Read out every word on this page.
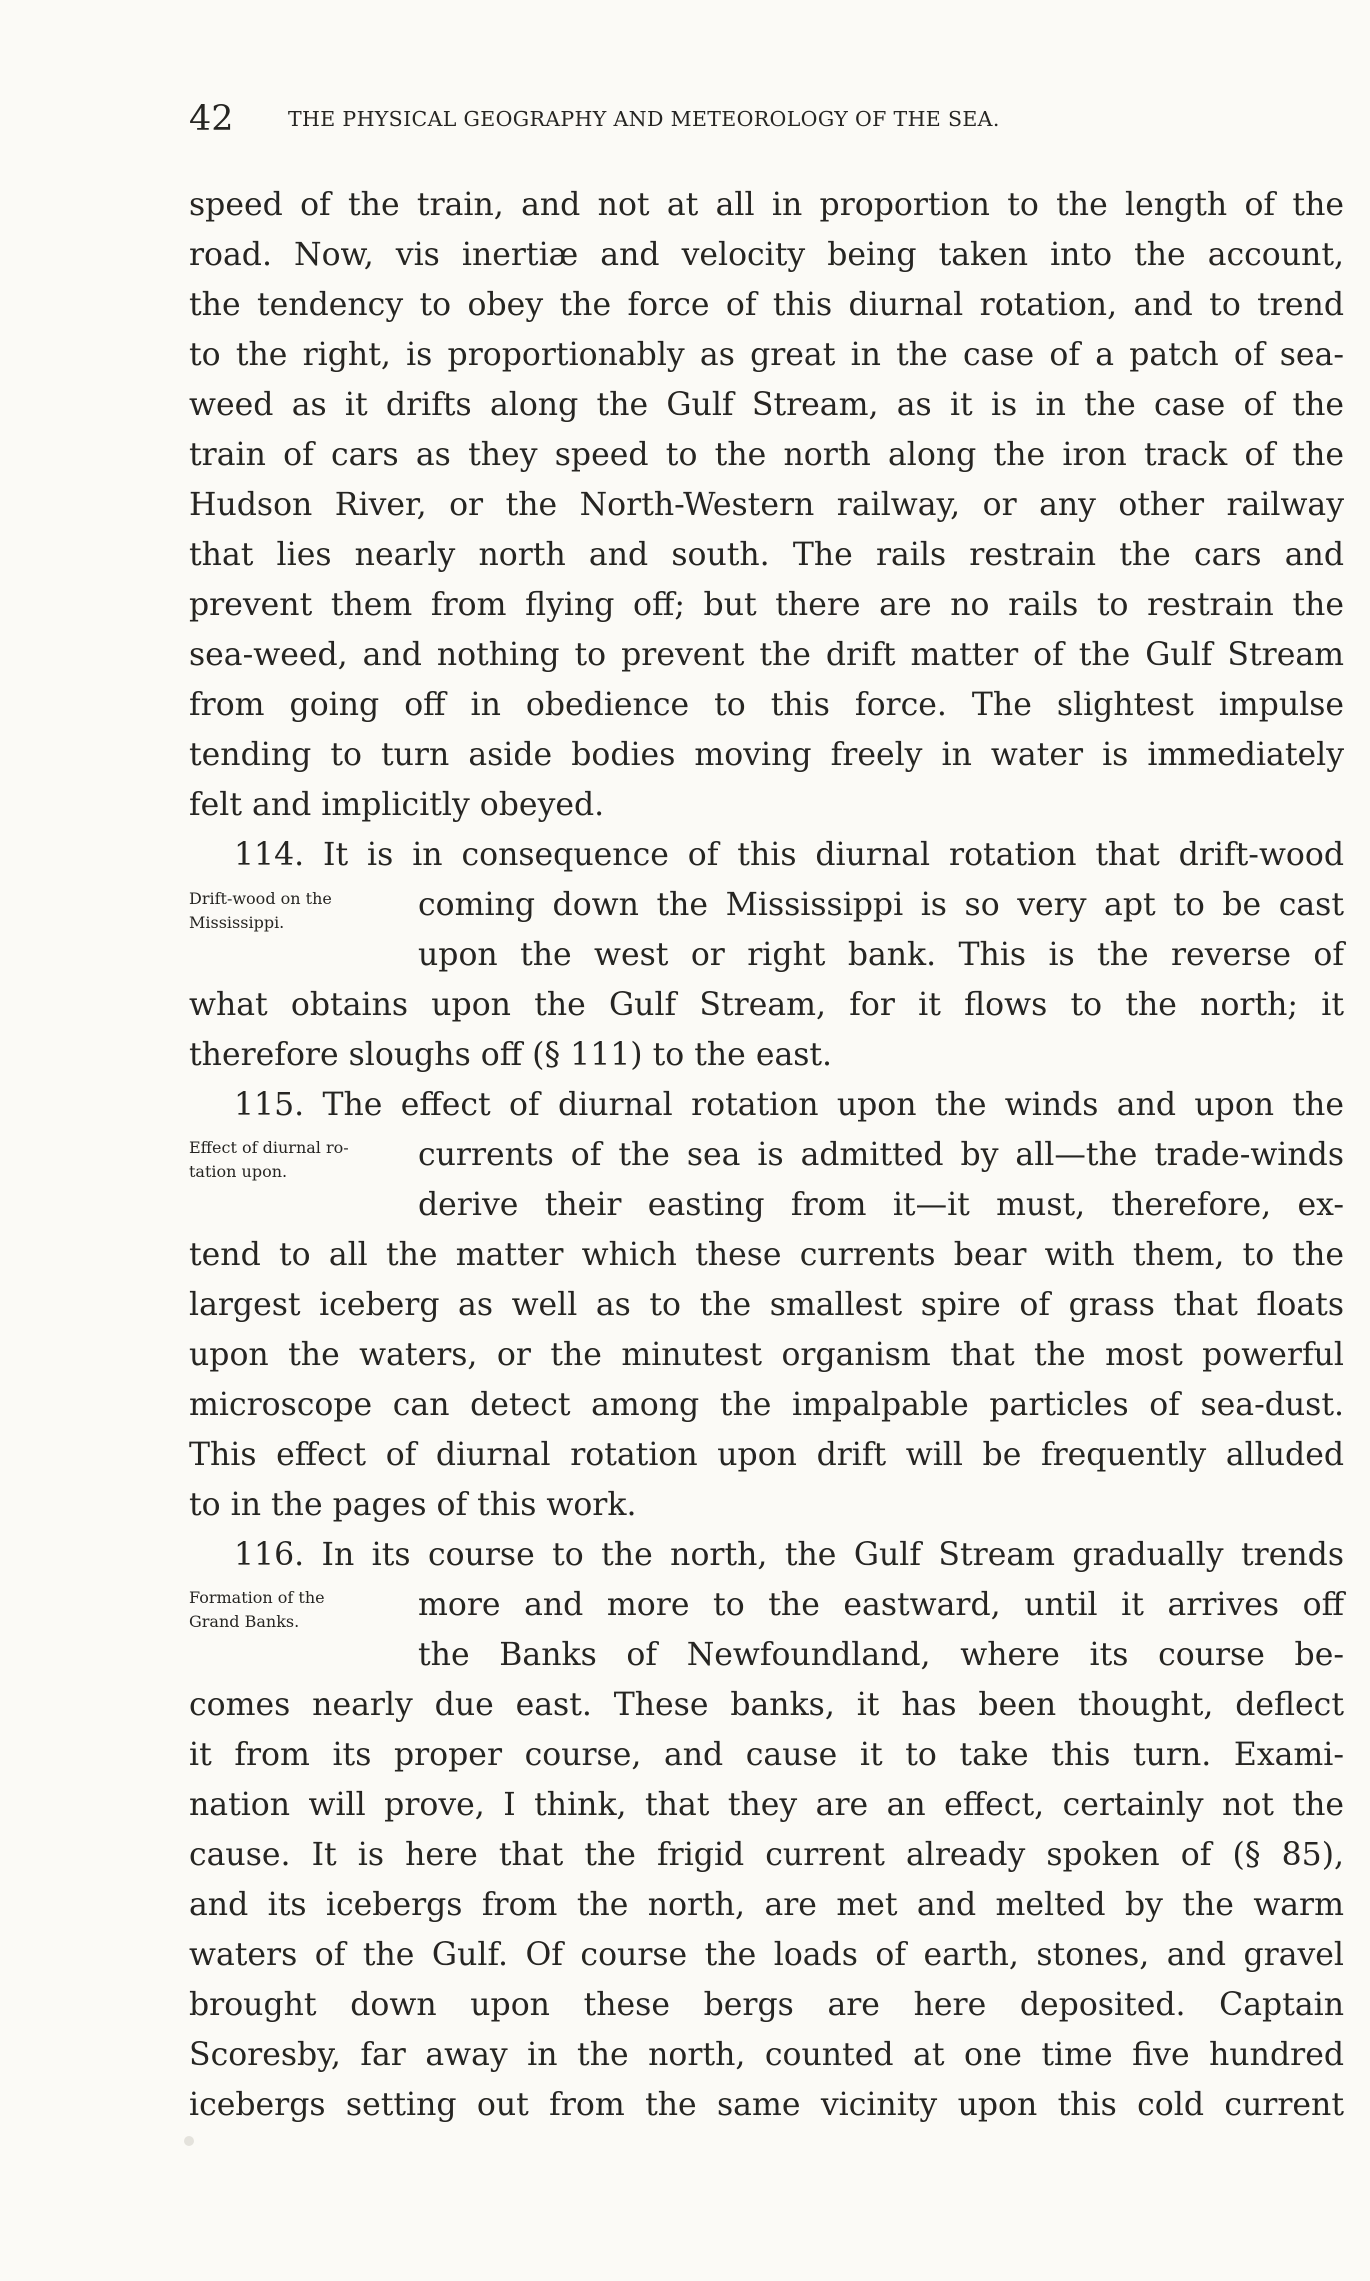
42	THE PHYSICAL GEOGRAPHY AND METEOROLOGY OF THE SEA.
speed of the train, and not at all in proportion to the length of the
road. Now, vis inertiæ and velocity being taken into the account,
the tendency to obey the force of this diurnal rotation, and to trend
to the right, is proportionably as great in the case of a patch of sea-
weed as it drifts along the Gulf Stream, as it is in the case of the
train of cars as they speed to the north along the iron track of the
Hudson River, or the North-Western railway, or any other railway
that lies nearly north and south. The rails restrain the cars and
prevent them from flying off; but there are no rails to restrain the
sea-weed, and nothing to prevent the drift matter of the Gulf Stream
from going off in obedience to this force. The slightest impulse
tending to turn aside bodies moving freely in water is immediately
felt and implicitly obeyed.
114. It is in consequence of this diurnal rotation that drift-wood
Drift-wood on the
Mississippi.	coming down the Mississippi is so very apt to be cast
upon the west or right bank. This is the reverse of
what obtains upon the Gulf Stream, for it flows to the north; it
therefore sloughs off (§ 111) to the east.
115. The effect of diurnal rotation upon the winds and upon the
Effect of diurnal ro-
tation upon.	currents of the sea is admitted by all—the trade-winds
derive their easting from it—it must, therefore, ex-
tend to all the matter which these currents bear with them, to the
largest iceberg as well as to the smallest spire of grass that floats
upon the waters, or the minutest organism that the most powerful
microscope can detect among the impalpable particles of sea-dust.
This effect of diurnal rotation upon drift will be frequently alluded
to in the pages of this work.
116. In its course to the north, the Gulf Stream gradually trends
Formation of the
Grand Banks.	more and more to the eastward, until it arrives off
the Banks of Newfoundland, where its course be-
comes nearly due east. These banks, it has been thought, deflect
it from its proper course, and cause it to take this turn. Exami-
nation will prove, I think, that they are an effect, certainly not the
cause. It is here that the frigid current already spoken of (§ 85),
and its icebergs from the north, are met and melted by the warm
waters of the Gulf. Of course the loads of earth, stones, and gravel
brought down upon these bergs are here deposited. Captain
Scoresby, far away in the north, counted at one time five hundred
icebergs setting out from the same vicinity upon this cold current
